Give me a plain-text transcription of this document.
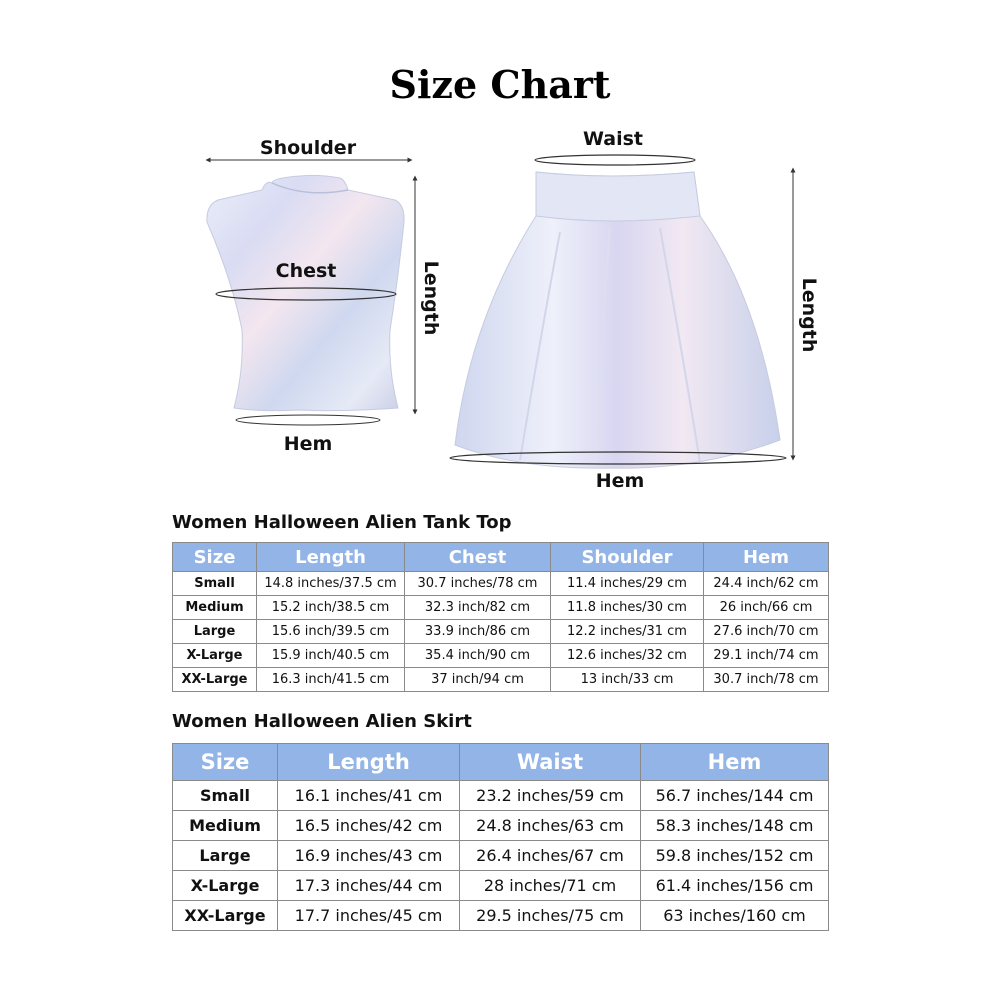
Size Chart
Shoulder
Chest
Hem
Length
Waist
Hem
Length
Women Halloween Alien Tank Top
Size	Length	Chest	Shoulder	Hem
Small	14.8 inches/37.5 cm	30.7 inches/78 cm	11.4 inches/29 cm	24.4 inch/62 cm
Medium	15.2 inch/38.5 cm	32.3 inch/82 cm	11.8 inches/30 cm	26 inch/66 cm
Large	15.6 inch/39.5 cm	33.9 inch/86 cm	12.2 inches/31 cm	27.6 inch/70 cm
X-Large	15.9 inch/40.5 cm	35.4 inch/90 cm	12.6 inches/32 cm	29.1 inch/74 cm
XX-Large	16.3 inch/41.5 cm	37 inch/94 cm	13 inch/33 cm	30.7 inch/78 cm
Women Halloween Alien Skirt
Size	Length	Waist	Hem
Small	16.1 inches/41 cm	23.2 inches/59 cm	56.7 inches/144 cm
Medium	16.5 inches/42 cm	24.8 inches/63 cm	58.3 inches/148 cm
Large	16.9 inches/43 cm	26.4 inches/67 cm	59.8 inches/152 cm
X-Large	17.3 inches/44 cm	28 inches/71 cm	61.4 inches/156 cm
XX-Large	17.7 inches/45 cm	29.5 inches/75 cm	63 inches/160 cm
